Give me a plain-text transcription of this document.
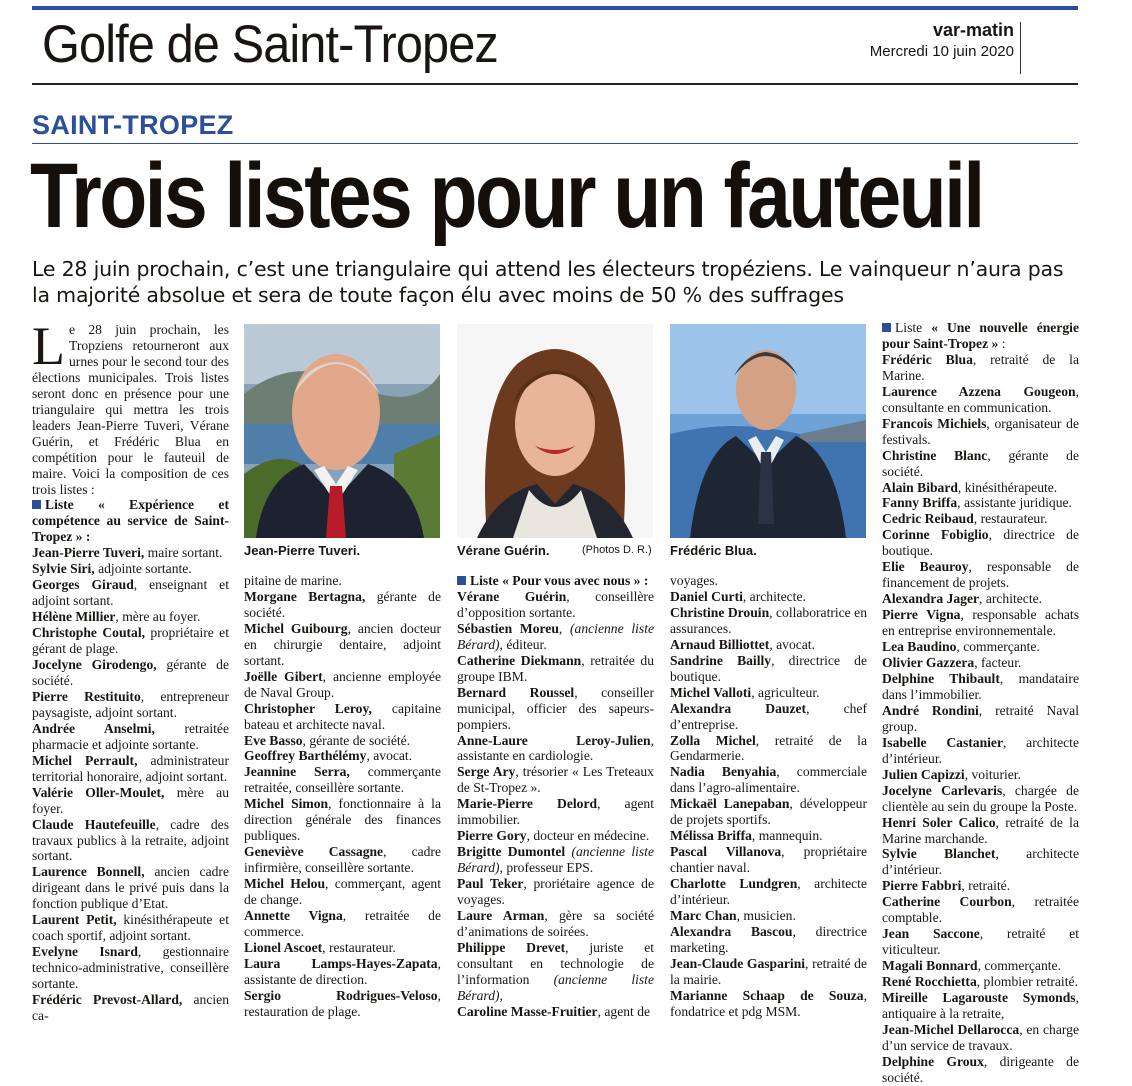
Golfe de Saint-Tropez	var-matin
Mercredi 10 juin 2020
SAINT-TROPEZ
Trois listes pour un fauteuil
Le 28 juin prochain, c’est une triangulaire qui attend les électeurs tropéziens. Le vainqueur n’aura pas la majorité absolue et sera de toute façon élu avec moins de 50 % des suffrages

Le 28 juin prochain, les Tropziens retourneront aux urnes pour le second tour des élections municipales. Trois listes seront donc en présence pour une triangulaire qui mettra les trois leaders Jean-Pierre Tuveri, Vérane Guérin, et Frédéric Blua en compétition pour le fauteuil de maire. Voici la composition de ces trois listes :

Liste « Expérience et compétence au service de Saint-Tropez » :

Jean-Pierre Tuveri, maire sortant.

Sylvie Siri, adjointe sortante.

Georges Giraud, enseignant et adjoint sortant.

Hélène Millier, mère au foyer.

Christophe Coutal, propriétaire et gérant de plage.

Jocelyne Girodengo, gérante de société.

Pierre Restituito, entrepreneur paysagiste, adjoint sortant.

Andrée Anselmi, retraitée pharmacie et adjointe sortante.

Michel Perrault, administrateur territorial honoraire, adjoint sortant.

Valérie Oller-Moulet, mère au foyer.

Claude Hautefeuille, cadre des travaux publics à la retraite, adjoint sortant.

Laurence Bonnell, ancien cadre dirigeant dans le privé puis dans la fonction publique d’Etat.

Laurent Petit, kinésithérapeute et coach sportif, adjoint sortant.

Evelyne Isnard, gestionnaire technico-administrative, conseillère sortante.

Frédéric Prevost-Allard, ancien ca-

Jean-Pierre Tuveri.	Vérane Guérin.	(Photos D. R.) Frédéric Blua.

pitaine de marine.

Morgane Bertagna, gérante de société.

Michel Guibourg, ancien docteur en chirurgie dentaire, adjoint sortant.

Joëlle Gibert, ancienne employée de Naval Group.

Christopher Leroy, capitaine bateau et architecte naval.

Eve Basso, gérante de société.

Geoffrey Barthélémy, avocat.

Jeannine Serra, commerçante retraitée, conseillère sortante.

Michel Simon, fonctionnaire à la direction générale des finances publiques.

Geneviève Cassagne, cadre infirmière, conseillère sortante.

Michel Helou, commerçant, agent de change.

Annette Vigna, retraitée de commerce.

Lionel Ascoet, restaurateur.

Laura Lamps-Hayes-Zapata, assistante de direction.

Sergio Rodrigues-Veloso, restauration de plage.

Liste « Pour vous avec nous » :

Vérane Guérin, conseillère d’opposition sortante.

Sébastien Moreu, (ancienne liste Bérard), éditeur.

Catherine Diekmann, retraitée du groupe IBM.

Bernard Roussel, conseiller municipal, officier des sapeurs-pompiers.

Anne-Laure Leroy-Julien, assistante en cardiologie.

Serge Ary, trésorier « Les Treteaux de St-Tropez ».

Marie-Pierre Delord, agent immobilier.

Pierre Gory, docteur en médecine.

Brigitte Dumontel (ancienne liste Bérard), professeur EPS.

Paul Teker, proriétaire agence de voyages.

Laure Arman, gère sa société d’animations de soirées.

Philippe Drevet, juriste et consultant en technologie de l’information (ancienne liste Bérard),

Caroline Masse-Fruitier, agent de

voyages.

Daniel Curti, architecte.

Christine Drouin, collaboratrice en assurances.

Arnaud Billiottet, avocat.

Sandrine Bailly, directrice de boutique.

Michel Valloti, agriculteur.

Alexandra Dauzet, chef d’entreprise.

Zolla Michel, retraité de la Gendarmerie.

Nadia Benyahia, commerciale dans l’agro-alimentaire.

Mickaël Lanepaban, développeur de projets sportifs.

Mélissa Briffa, mannequin.

Pascal Villanova, propriétaire chantier naval.

Charlotte Lundgren, architecte d’intérieur.

Marc Chan, musicien.

Alexandra Bascou, directrice marketing.

Jean-Claude Gasparini, retraité de la mairie.

Marianne Schaap de Souza, fondatrice et pdg MSM.

Liste « Une nouvelle énergie pour Saint-Tropez » :

Frédéric Blua, retraité de la Marine.

Laurence Azzena Gougeon, consultante en communication.

Francois Michiels, organisateur de festivals.

Christine Blanc, gérante de société.

Alain Bibard, kinésithérapeute.

Fanny Briffa, assistante juridique.

Cedric Reibaud, restaurateur.

Corinne Fobiglio, directrice de boutique.

Elie Beauroy, responsable de financement de projets.

Alexandra Jager, architecte.

Pierre Vigna, responsable achats en entreprise environnementale.

Lea Baudino, commerçante.

Olivier Gazzera, facteur.

Delphine Thibault, mandataire dans l’immobilier.

André Rondini, retraité Naval group.

Isabelle Castanier, architecte d’intérieur.

Julien Capizzi, voiturier.

Jocelyne Carlevaris, chargée de clientèle au sein du groupe la Poste.

Henri Soler Calico, retraité de la Marine marchande.

Sylvie Blanchet, architecte d’intérieur.

Pierre Fabbri, retraité.

Catherine Courbon, retraitée comptable.

Jean Saccone, retraité et viticulteur.

Magali Bonnard, commerçante.

René Rocchietta, plombier retraité.

Mireille Lagarouste Symonds, antiquaire à la retraite,

Jean-Michel Dellarocca, en charge d’un service de travaux.

Delphine Groux, dirigeante de société.
